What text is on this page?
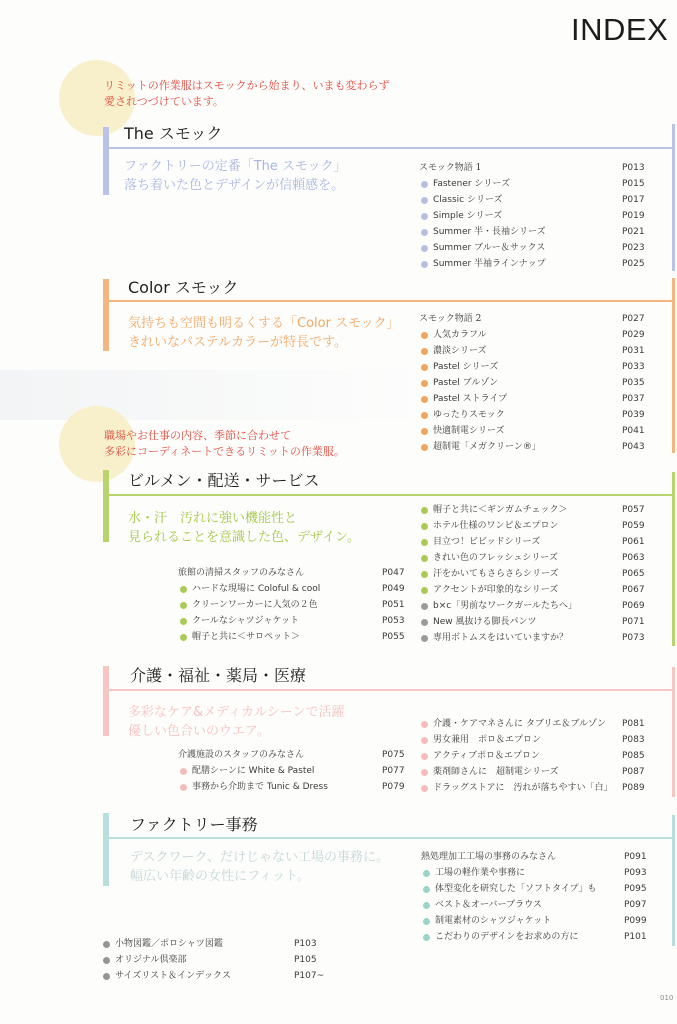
INDEX
リミットの作業服はスモックから始まり、いまも変わらず
愛されつづけています。
The スモック
ファクトリーの定番「The スモック」
落ち着いた色とデザインが信頼感を。
スモック物語 1	P013
Fastener シリーズ	P015
Classic シリーズ	P017
Simple シリーズ	P019
Summer 半・長袖シリーズ	P021
Summer ブルー＆サックス	P023
Summer 半袖ラインナップ	P025
Color スモック
気持ちも空間も明るくする「Color スモック」
きれいなパステルカラーが特長です。
スモック物語 2	P027
人気カラフル	P029
濃淡シリーズ	P031
Pastel シリーズ	P033
Pastel ブルゾン	P035
Pastel ストライプ	P037
ゆったりスモック	P039
快適制電シリーズ	P041
超制電「メガクリーン®」	P043
職場やお仕事の内容、季節に合わせて
多彩にコーディネートできるリミットの作業服。
ビルメン・配送・サービス
水・汗　汚れに強い機能性と
見られることを意識した色、デザイン。
旅館の清掃スタッフのみなさん	P047
ハードな現場に Coloful & cool	P049
クリーンワーカーに人気の２色	P051
クールなシャツジャケット	P053
帽子と共に＜サロペット＞	P055
帽子と共に＜ギンガムチェック＞	P057
ホテル仕様のワンピ＆エプロン	P059
目立つ！ビビッドシリーズ	P061
きれい色のフレッシュシリーズ	P063
汗をかいてもさらさらシリーズ	P065
アクセントが印象的なシリーズ	P067
b×c「男前なワークガールたちへ」	P069
New 風抜ける脚長パンツ	P071
専用ボトムスをはいていますか？	P073
介護・福祉・薬局・医療
多彩なケア&メディカルシーンで活躍
優しい色合いのウエア。
介護施設のスタッフのみなさん	P075
配膳シーンに White & Pastel	P077
事務から介助まで Tunic & Dress	P079
介護・ケアマネさんに タブリエ＆ブルゾン P081
男女兼用　ポロ＆エプロン	P083
アクティブポロ＆エプロン	P085
薬剤師さんに　超制電シリーズ	P087
ドラッグストアに　汚れが落ちやすい「白」 P089
ファクトリー事務
デスクワーク、だけじゃない工場の事務に。
幅広い年齢の女性にフィット。
熱処理加工工場の事務のみなさん	P091
工場の軽作業や事務に	P093
体型変化を研究した「ソフトタイプ」も	P095
ベスト＆オーバーブラウス	P097
制電素材のシャツジャケット	P099
こだわりのデザインをお求めの方に	P101
小物図鑑／ポロシャツ図鑑	P103
オリジナル倶楽部	P105
サイズリスト＆インデックス	P107~
010
